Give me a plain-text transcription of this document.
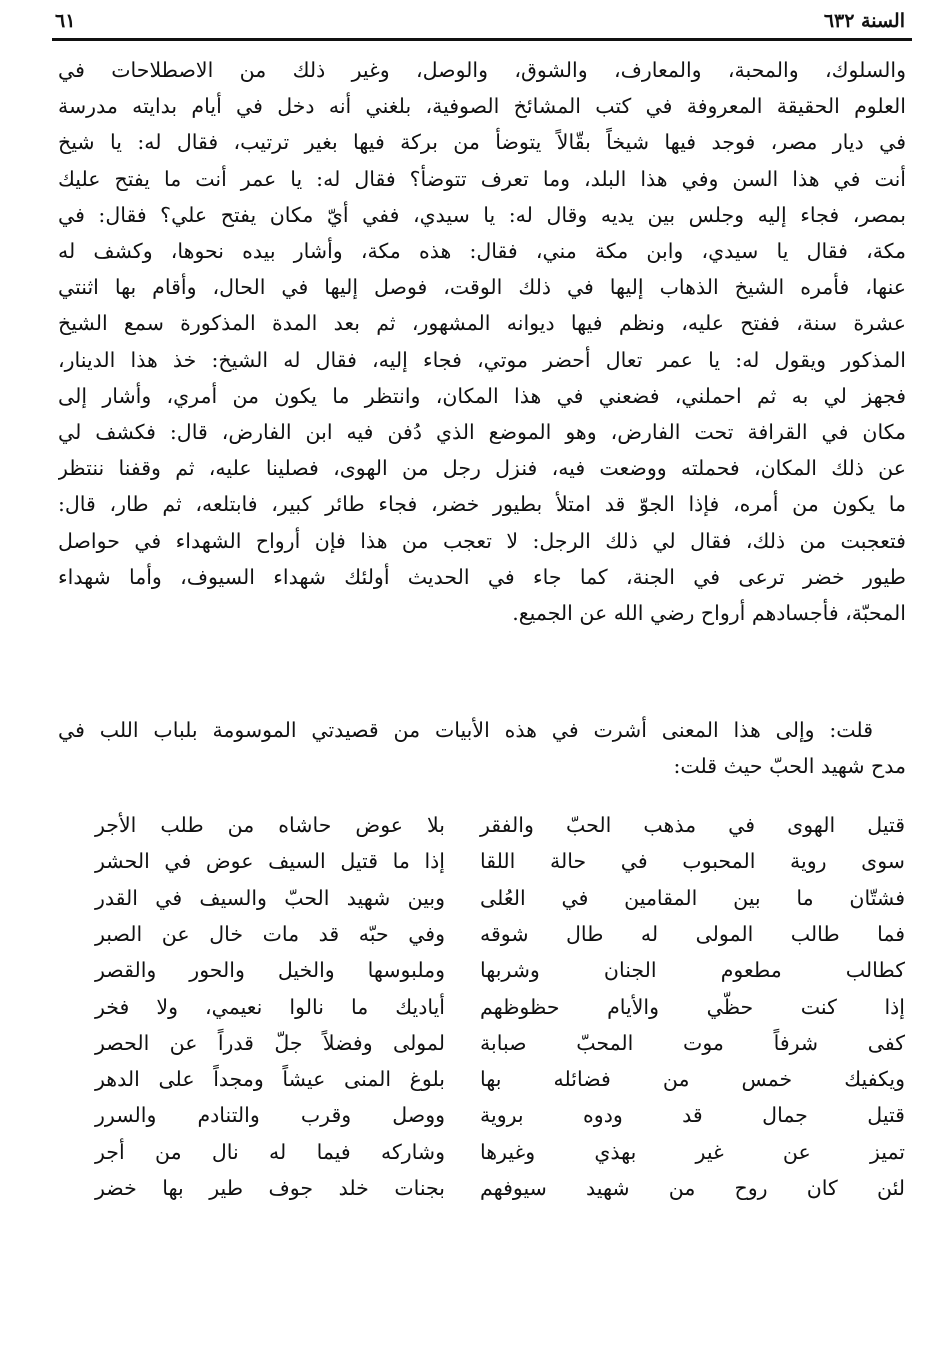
السنة ٦٣٢
٦١
والسلوك، والمحبة، والمعارف، والشوق، والوصل، وغير ذلك من الاصطلاحات في
العلوم الحقيقة المعروفة في كتب المشائخ الصوفية، بلغني أنه دخل في أيام بدايته مدرسة
في ديار مصر، فوجد فيها شيخاً بقّالاً يتوضأ من بركة فيها بغير ترتيب، فقال له: يا شيخ
أنت في هذا السن وفي هذا البلد، وما تعرف تتوضأ؟ فقال له: يا عمر أنت ما يفتح عليك
بمصر، فجاء إليه وجلس بين يديه وقال له: يا سيدي، ففي أيّ مكان يفتح علي؟ فقال: في
مكة، فقال يا سيدي، وابن مكة مني، فقال: هذه مكة، وأشار بيده نحوها، وكشف له
عنها، فأمره الشيخ الذهاب إليها في ذلك الوقت، فوصل إليها في الحال، وأقام بها اثنتي
عشرة سنة، ففتح عليه، ونظم فيها ديوانه المشهور، ثم بعد المدة المذكورة سمع الشيخ
المذكور ويقول له: يا عمر تعال أحضر موتي، فجاء إليه، فقال له الشيخ: خذ هذا الدينار،
فجهز لي به ثم احملني، فضعني في هذا المكان، وانتظر ما يكون من أمري، وأشار إلى
مكان في القرافة تحت الفارض، وهو الموضع الذي دُفن فيه ابن الفارض، قال: فكشف لي
عن ذلك المكان، فحملته ووضعت فيه، فنزل رجل من الهوى، فصلينا عليه، ثم وقفنا ننتظر
ما يكون من أمره، فإذا الجوّ قد امتلأ بطيور خضر، فجاء طائر كبير، فابتلعه، ثم طار، قال:
فتعجبت من ذلك، فقال لي ذلك الرجل: لا تعجب من هذا فإن أرواح الشهداء في حواصل
طيور خضر ترعى في الجنة، كما جاء في الحديث أولئك شهداء السيوف، وأما شهداء
المحبّة، فأجسادهم أرواح رضي الله عن الجميع.
قلت: وإلى هذا المعنى أشرت في هذه الأبيات من قصيدتي الموسومة بلباب اللب في
مدح شهيد الحبّ حيث قلت:
قتيل الهوى في مذهب الحبّ والفقر
بلا عوض حاشاه من طلب الأجر
سوى روية المحبوب في حالة اللقا
إذا ما قتيل السيف عوض في الحشر
فشتّان ما بين المقامين في العُلى
وبين شهيد الحبّ والسيف في القدر
فما طالب المولى له طال شوقه
وفي حبّه قد مات خال عن الصبر
كطالب مطعوم الجنان وشربها
وملبوسها والخيل والحور والقصر
إذا كنت حظّي والأيام حظوظهم
أياديك ما نالوا نعيمي، ولا فخر
كفى شرفاً موت المحبّ صبابة
لمولى وفضلاً جلّ قدراً عن الحصر
ويكفيك خمس من فضائله بها
بلوغ المنى عيشاً ومجداً على الدهر
قتيل جمال قد ودوه بروية
ووصل وقرب والتنادم والسرر
تميز عن غير بهذي وغيرها
وشاركه فيما له نال من أجر
لئن كان روح من شهيد سيوفهم
بجنات خلد جوف طير بها خضر
